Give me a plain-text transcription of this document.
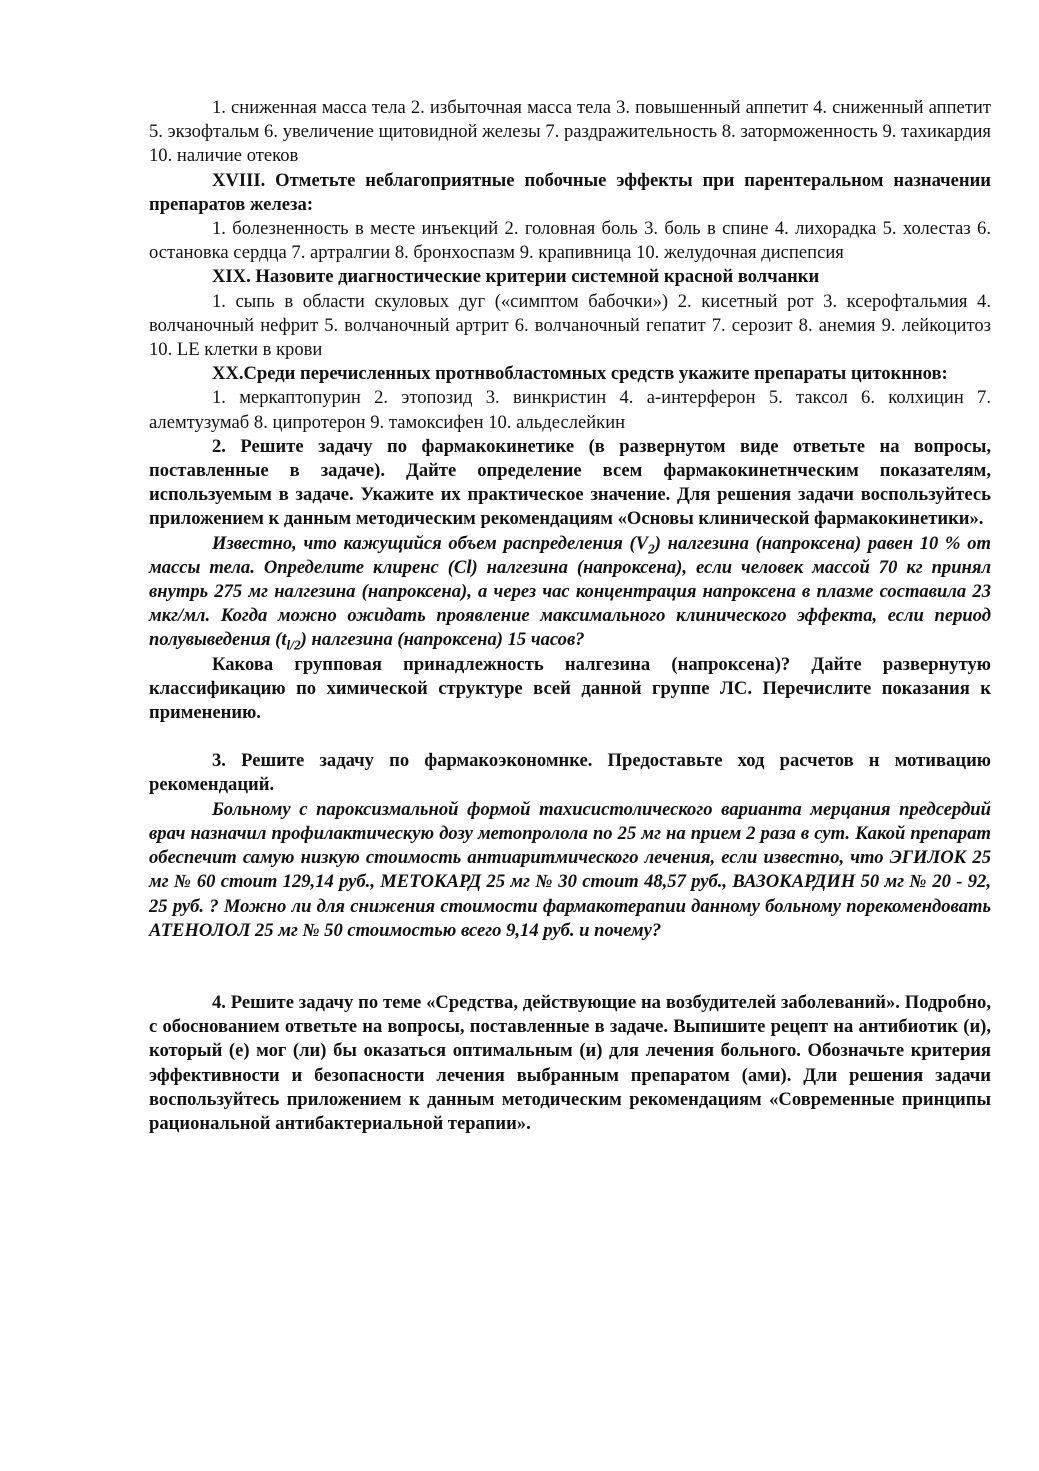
1. сниженная масса тела 2. избыточная масса тела 3. повышенный аппетит 4. сниженный аппетит 5. экзофтальм 6. увеличение щитовидной железы 7. раздражительность 8. заторможенность 9. тахикардия 10. наличие отеков

XVIII. Отметьте неблагоприятные побочные эффекты при парентеральном назначении препаратов железа:

1. болезненность в месте инъекций 2. головная боль 3. боль в спине 4. лихорадка 5. холестаз 6. остановка сердца 7. артралгии 8. бронхоспазм 9. крапивница 10. желудочная диспепсия

XIX. Назовите диагностические критерии системной красной волчанки

1. сыпь в области скуловых дуг («симптом бабочки») 2. кисетный рот 3. ксерофтальмия 4. волчаночный нефрит 5. волчаночный артрит 6. волчаночный гепатит 7. серозит 8. анемия 9. лейкоцитоз 10. LE клетки в крови

XX.Среди перечисленных протнвобластомных средств укажите препараты цитокннов:

1. меркаптопурин 2. этопозид 3. винкристин 4. а-интерферон 5. таксол 6. колхицин 7. алемтузумаб 8. ципротерон 9. тамоксифен 10. альдеслейкин

2. Решите задачу по фармакокинетике (в развернутом виде ответьте на вопросы, поставленные в задаче). Дайте определение всем фармакокинетнческим показателям, используемым в задаче. Укажите их практическое значение. Для решения задачи воспользуйтесь приложением к данным методическим рекомендациям «Основы клинической фармакокинетики».

Известно, что кажущийся объем распределения $(V_2)$ налгезина (напроксена) равен 10 % от массы тела. Определите клиренс (Cl) налгезина (напроксена), если человек массой 70 кг принял внутрь 275 мг налгезина (напроксена), а через час концентрация напроксена в плазме составила 23 мкг/мл. Когда можно ожидать проявление максимального клинического эффекта, если период полувыведения $(t_{l/2})$ налгезина (напроксена) 15 часов?

Какова групповая принадлежность налгезина (напроксена)? Дайте развернутую классификацию по химической структуре всей данной группе ЛС. Перечислите показания к применению.

3. Решите задачу по фармакоэкономнке. Предоставьте ход расчетов н мотивацию рекомендаций.

Больному с пароксизмальной формой тахисистолического варианта мерцания предсердий врач назначил профилактическую дозу метопролола по 25 мг на прием 2 раза в сут. Какой препарат обеспечит самую низкую стоимость антиаритмического лечения, если известно, что ЭГИЛОК 25 мг № 60 стоит 129,14 руб., МЕТОКАРД 25 мг № 30 стоит 48,57 руб., ВАЗОКАРДИН 50 мг № 20 - 92, 25 руб. ? Можно ли для снижения стоимости фармакотерапии данному больному порекомендовать АТЕНОЛОЛ 25 мг № 50 стоимостью всего 9,14 руб. и почему?

4. Решите задачу по теме «Средства, действующие на возбудителей заболеваний». Подробно, с обоснованием ответьте на вопросы, поставленные в задаче. Выпишите рецепт на антибиотик (и), который (е) мог (ли) бы оказаться оптимальным (и) для лечения больного. Обозначьте критерия эффективности и безопасности лечения выбранным препаратом (ами). Дли решения задачи воспользуйтесь приложением к данным методическим рекомендациям «Современные принципы рациональной антибактериальной терапии».
